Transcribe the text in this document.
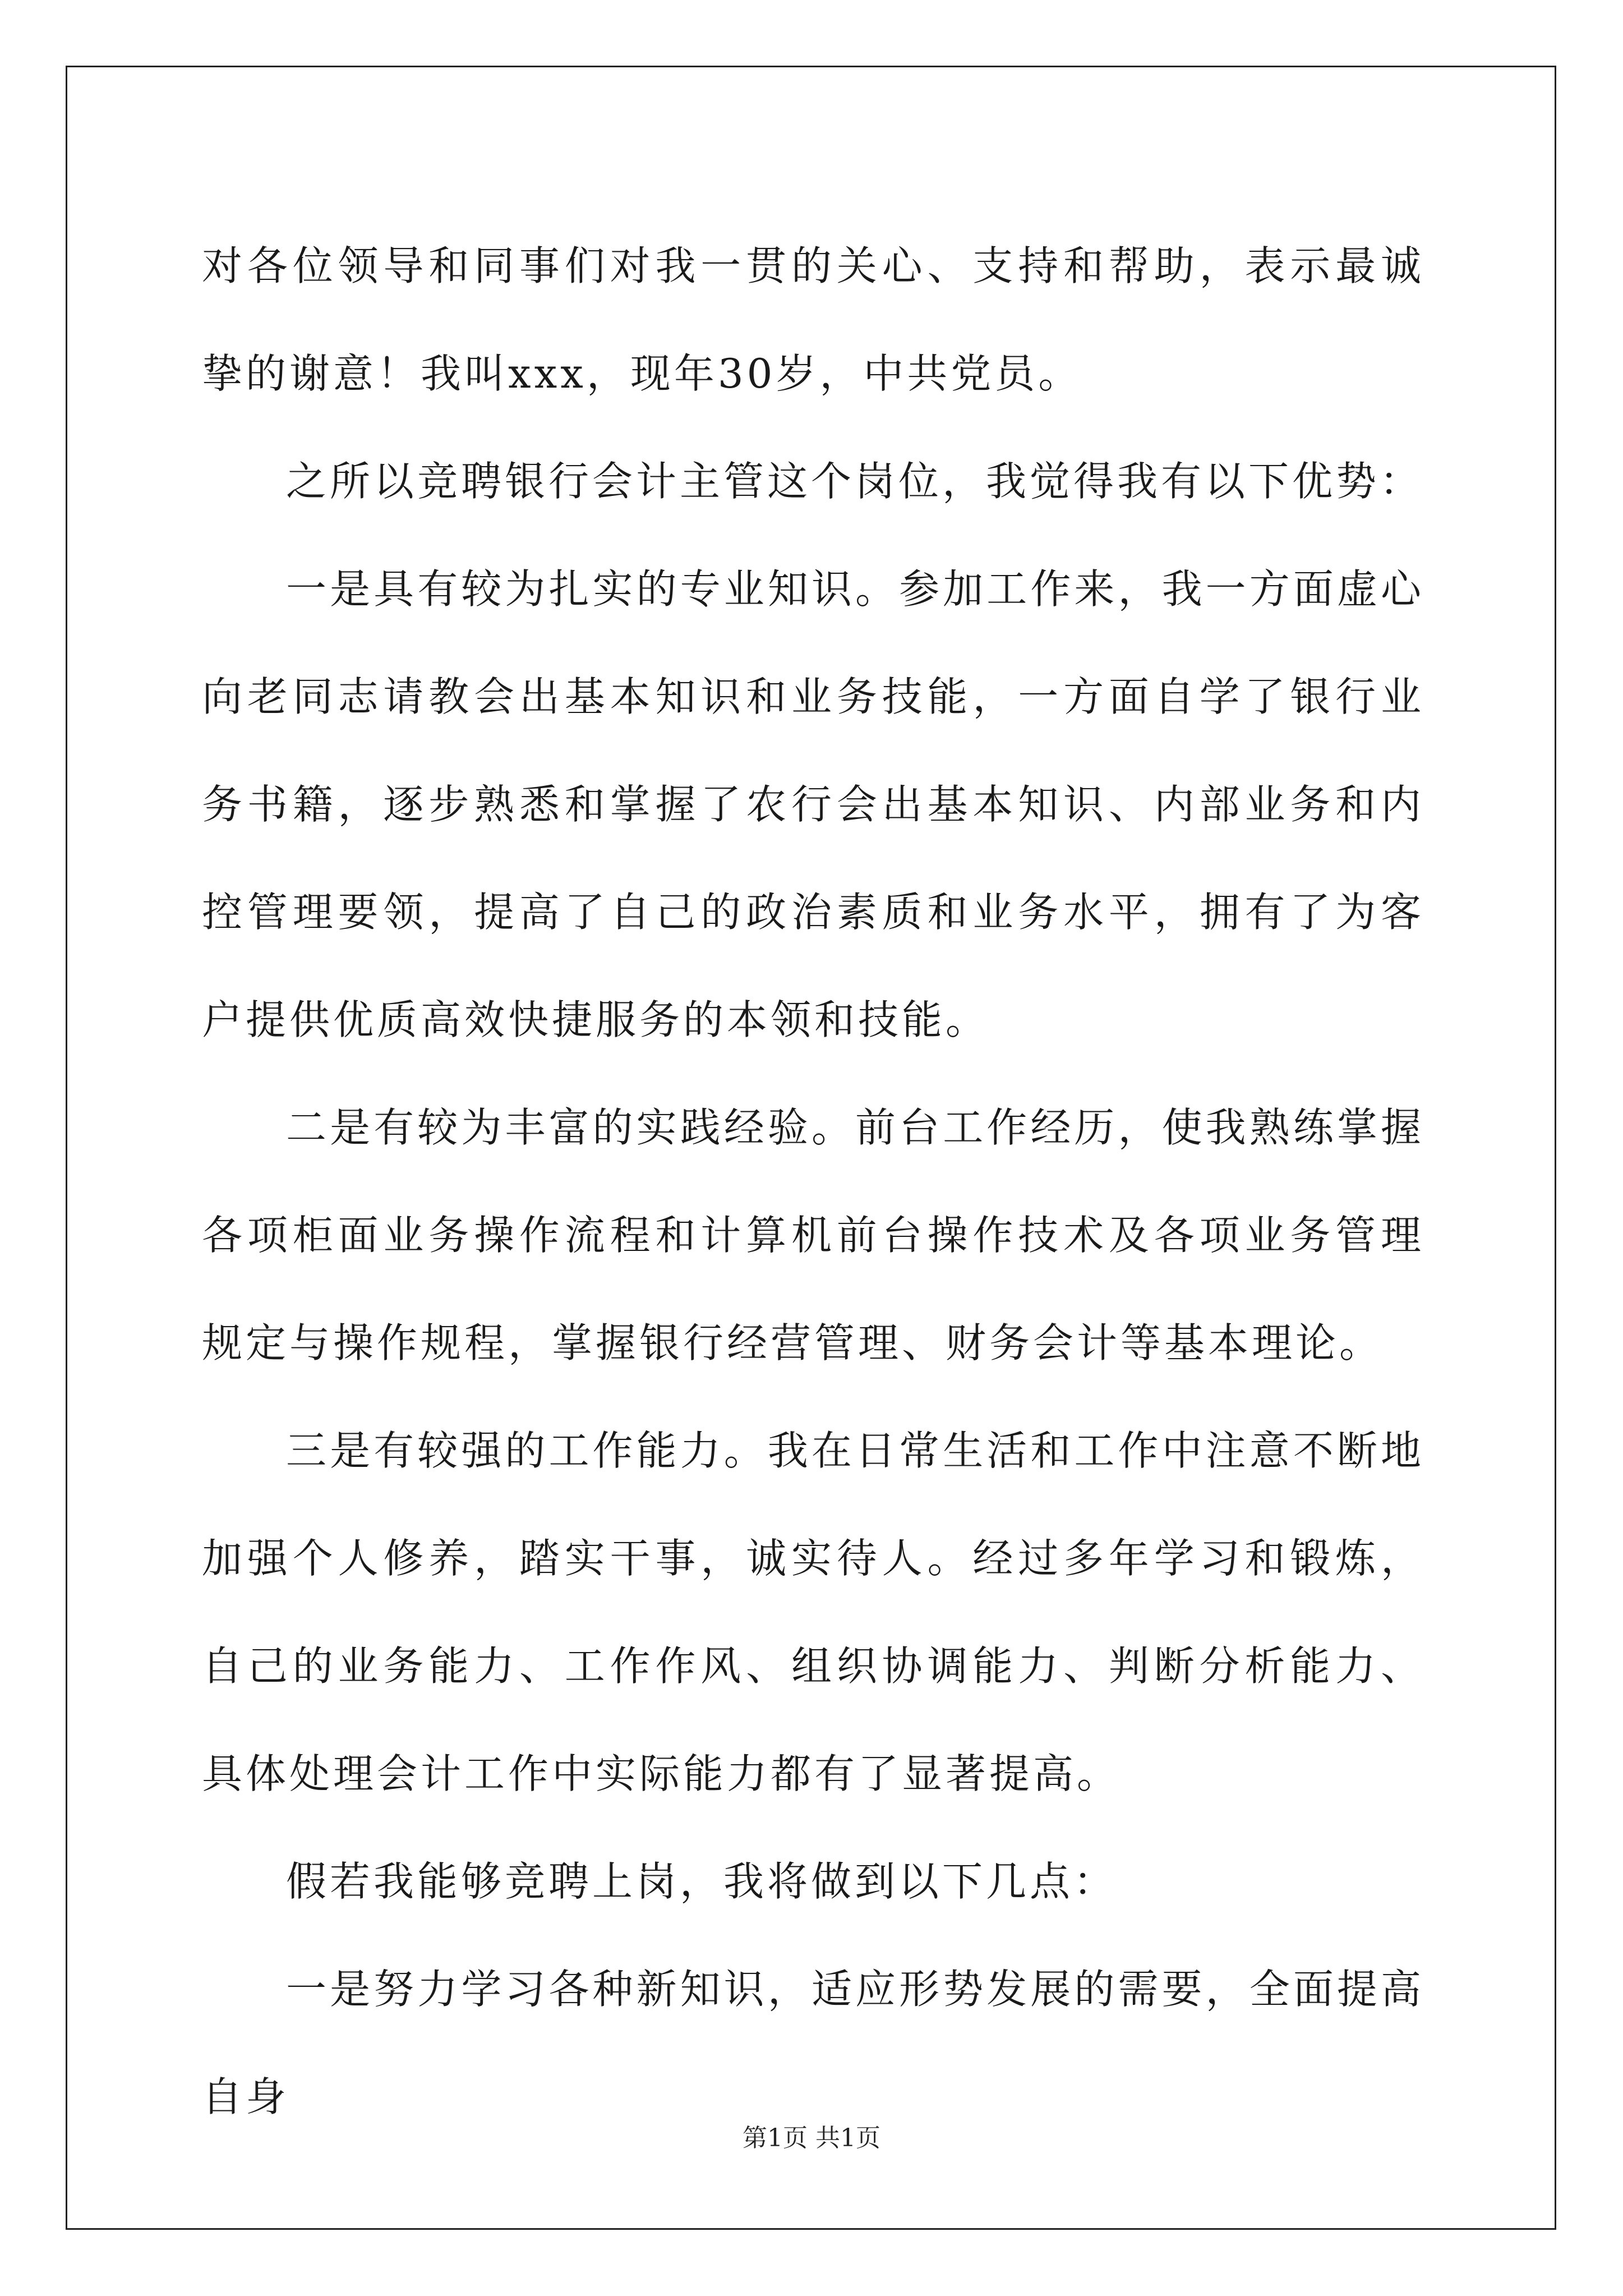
对各位领导和同事们对我一贯的关心、支持和帮助，表示最诚挚的谢意！我叫xxx，现年30岁，中共党员。

之所以竞聘银行会计主管这个岗位，我觉得我有以下优势：

一是具有较为扎实的专业知识。参加工作来，我一方面虚心向老同志请教会出基本知识和业务技能，一方面自学了银行业务书籍，逐步熟悉和掌握了农行会出基本知识、内部业务和内控管理要领，提高了自己的政治素质和业务水平，拥有了为客户提供优质高效快捷服务的本领和技能。

二是有较为丰富的实践经验。前台工作经历，使我熟练掌握各项柜面业务操作流程和计算机前台操作技术及各项业务管理规定与操作规程，掌握银行经营管理、财务会计等基本理论。

三是有较强的工作能力。我在日常生活和工作中注意不断地加强个人修养，踏实干事，诚实待人。经过多年学习和锻炼，自己的业务能力、工作作风、组织协调能力、判断分析能力、具体处理会计工作中实际能力都有了显著提高。

假若我能够竞聘上岗，我将做到以下几点：

一是努力学习各种新知识，适应形势发展的需要，全面提高自身

第1页 共1页
